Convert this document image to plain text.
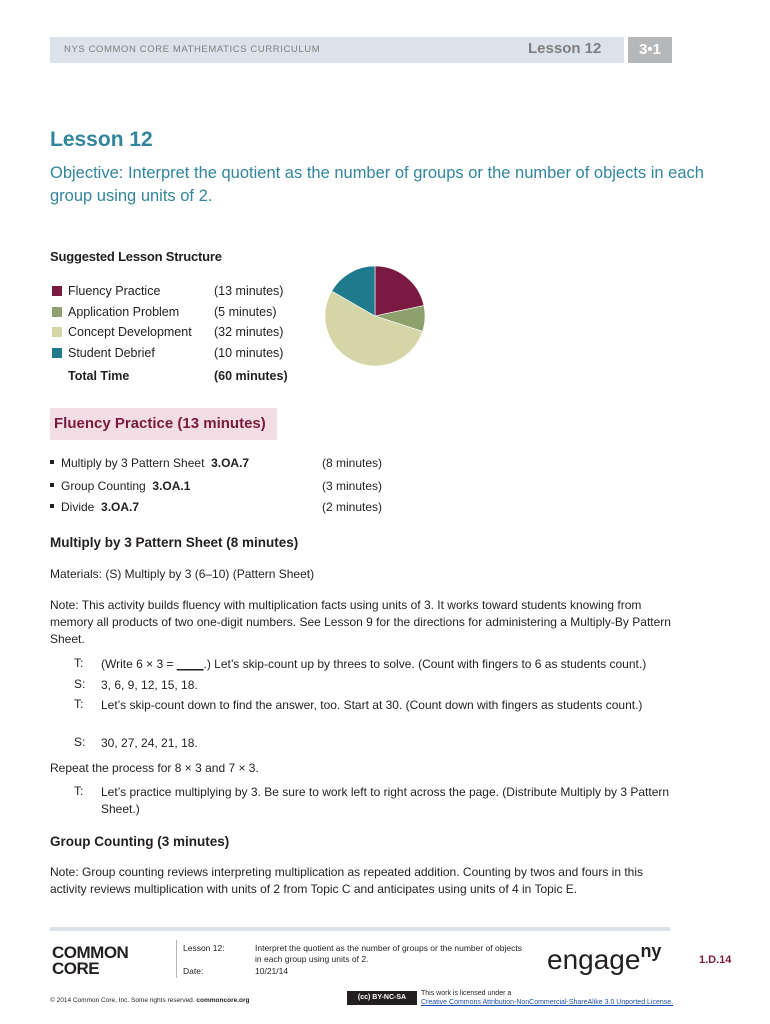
NYS COMMON CORE MATHEMATICS CURRICULUM	Lesson 12	3•1
Lesson 12
Objective: Interpret the quotient as the number of groups or the number of objects in each group using units of 2.
Suggested Lesson Structure
Fluency Practice	(13 minutes)
Application Problem	(5 minutes)
Concept Development (32 minutes)
Student Debrief	(10 minutes)
Total Time	(60 minutes)
Fluency Practice (13 minutes)
Multiply by 3 Pattern Sheet 3.OA.7	(8 minutes)
Group Counting 3.OA.1	(3 minutes)
Divide 3.OA.7	(2 minutes)
Multiply by 3 Pattern Sheet (8 minutes)
Materials: (S) Multiply by 3 (6–10) (Pattern Sheet)
Note: This activity builds fluency with multiplication facts using units of 3. It works toward students knowing from memory all products of two one-digit numbers. See Lesson 9 for the directions for administering a Multiply-By Pattern Sheet.
T: (Write 6 × 3 = ____.) Let’s skip-count up by threes to solve. (Count with fingers to 6 as students count.)
S: 3, 6, 9, 12, 15, 18.
T: Let’s skip-count down to find the answer, too. Start at 30. (Count down with fingers as students count.)
S: 30, 27, 24, 21, 18.
Repeat the process for 8 × 3 and 7 × 3.
T: Let’s practice multiplying by 3. Be sure to work left to right across the page. (Distribute Multiply by 3 Pattern Sheet.)
Group Counting (3 minutes)
Note: Group counting reviews interpreting multiplication as repeated addition. Counting by twos and fours in this activity reviews multiplication with units of 2 from Topic C and anticipates using units of 4 in Topic E.
COMMON
CORE
Lesson 12:
Date:
Interpret the quotient as the number of groups or the number of objects in each group using units of 2.
10/21/14	engage$^{ny}$	1.D.14
© 2014 Common Core, Inc. Some rights reserved. commoncore.org	(cc) BY-NC-SA
This work is licensed under a
Creative Commons Attribution-NonCommercial-ShareAlike 3.0 Unported License.
